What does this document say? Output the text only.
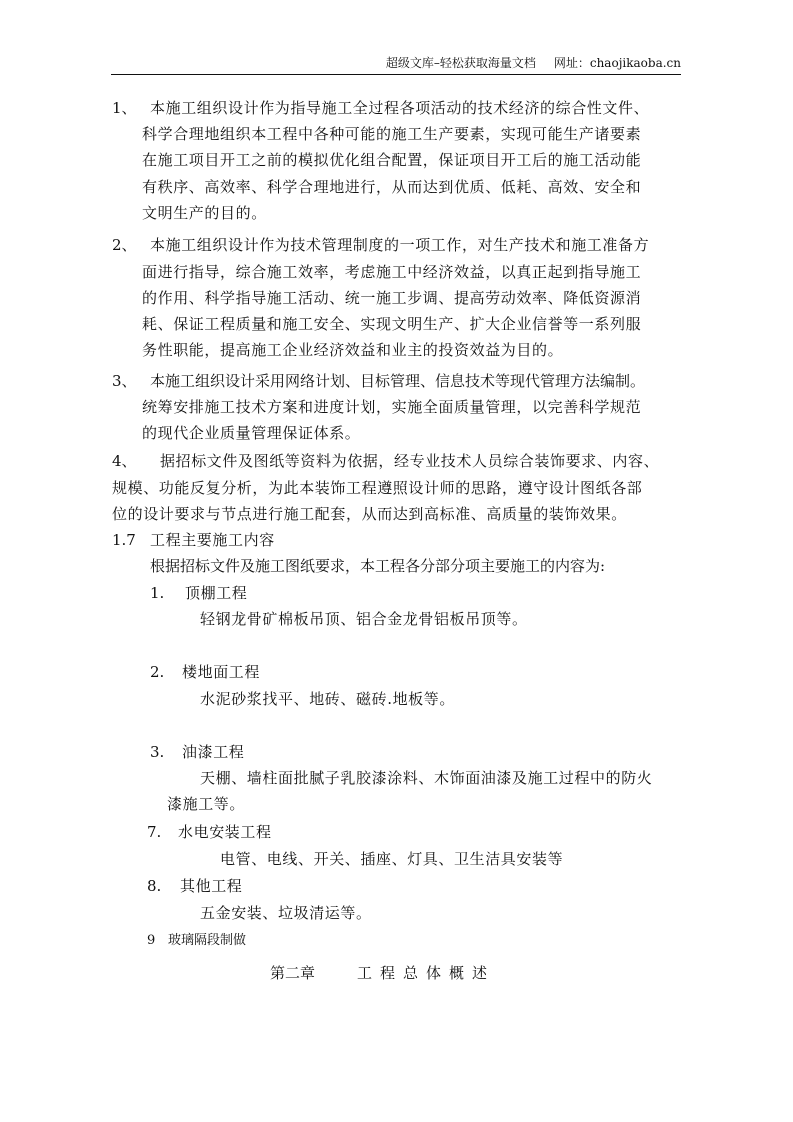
超级文库–轻松获取海量文档 网址：chaojikaoba.cn
1、 本施工组织设计作为指导施工全过程各项活动的技术经济的综合性文件、
科学合理地组织本工程中各种可能的施工生产要素，实现可能生产诸要素
在施工项目开工之前的模拟优化组合配置，保证项目开工后的施工活动能
有秩序、高效率、科学合理地进行，从而达到优质、低耗、高效、安全和
文明生产的目的。
2、 本施工组织设计作为技术管理制度的一项工作，对生产技术和施工准备方
面进行指导，综合施工效率，考虑施工中经济效益，以真正起到指导施工
的作用、科学指导施工活动、统一施工步调、提高劳动效率、降低资源消
耗、保证工程质量和施工安全、实现文明生产、扩大企业信誉等一系列服
务性职能，提高施工企业经济效益和业主的投资效益为目的。
3、 本施工组织设计采用网络计划、目标管理、信息技术等现代管理方法编制。
统筹安排施工技术方案和进度计划，实施全面质量管理，以完善科学规范
的现代企业质量管理保证体系。
4、 据招标文件及图纸等资料为依据，经专业技术人员综合装饰要求、内容、
规模、功能反复分析，为此本装饰工程遵照设计师的思路，遵守设计图纸各部
位的设计要求与节点进行施工配套，从而达到高标准、高质量的装饰效果。
1.7 工程主要施工内容
根据招标文件及施工图纸要求，本工程各分部分项主要施工的内容为:
1. 顶棚工程
轻钢龙骨矿棉板吊顶、铝合金龙骨铝板吊顶等。
2. 楼地面工程
水泥砂浆找平、地砖、磁砖.地板等。
3. 油漆工程
天棚、墙柱面批腻子乳胶漆涂料、木饰面油漆及施工过程中的防火
漆施工等。
7. 水电安装工程
电管、电线、开关、插座、灯具、卫生洁具安装等
8. 其他工程
五金安装、垃圾清运等。
9 玻璃隔段制做
第二章	工程总体概述
